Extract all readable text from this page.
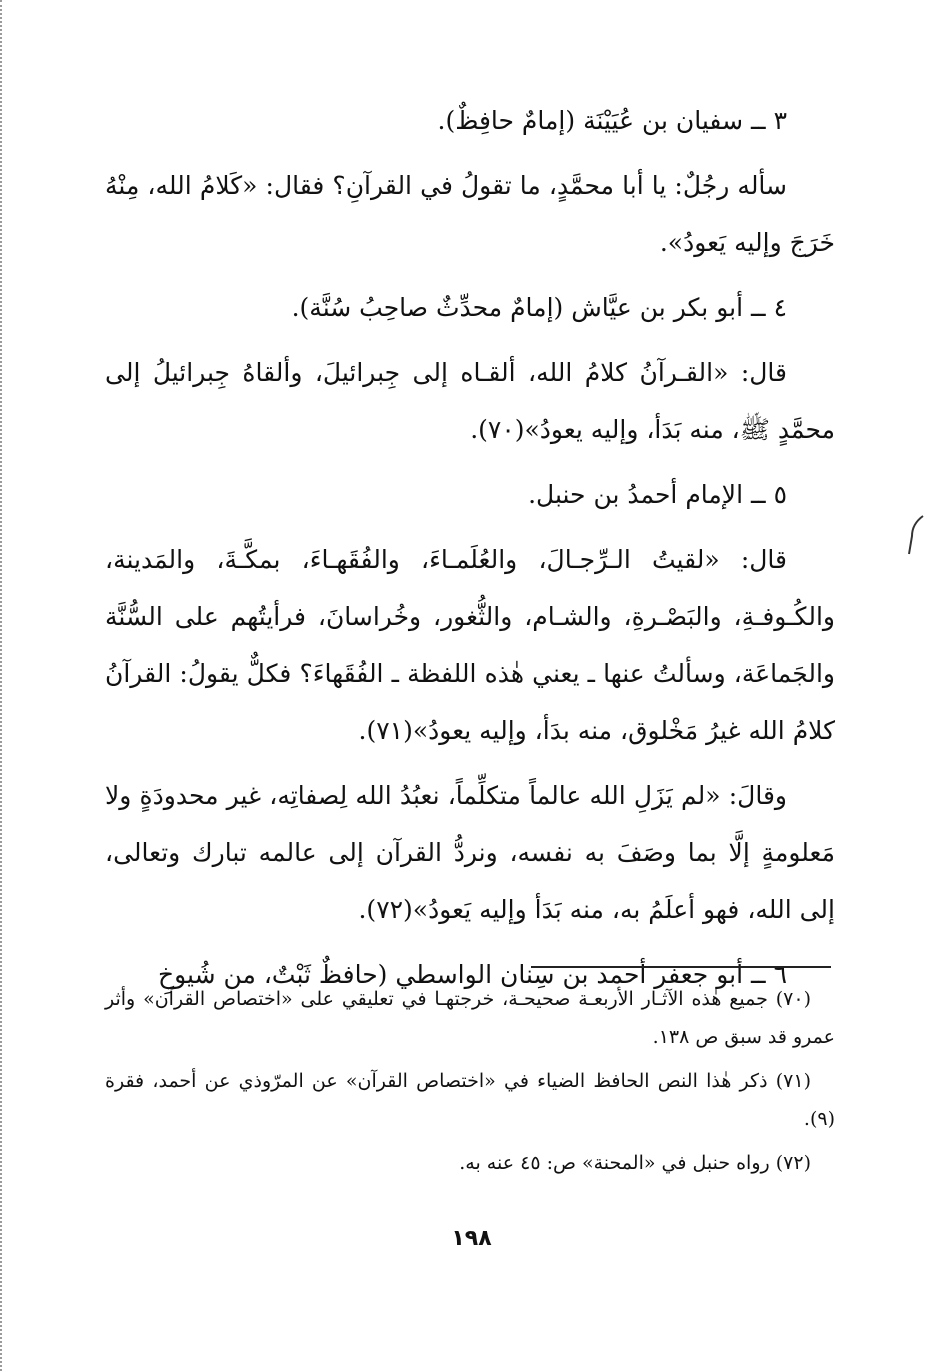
٣ ــ سفيان بن عُيَيْنَة (إمامٌ حافِظٌ).

سأله رجُلٌ: يا أبا محمَّدٍ، ما تقولُ في القرآنِ؟ فقال: «كَلامُ الله، مِنْهُ خَرَجَ وإليه يَعودُ».

٤ ــ أبو بكر بن عيَّاش (إمامٌ محدِّثٌ صاحِبُ سُنَّة).

قال: «القـرآنُ كلامُ الله، ألقـاه إلى جِبرائيلَ، وألقاهُ جِبرائيلُ إلى محمَّدٍ ﷺ، منه بَدَأ، وإليه يعودُ»(٧٠).

٥ ــ الإمام أحمدُ بن حنبل.

قال: «لقيتُ الـرِّجـالَ، والعُلَمـاءَ، والفُقَهـاءَ، بمكَّـةَ، والمَدينة، والكُـوفـةِ، والبَصْـرةِ، والشـام، والثُّغور، وخُراسانَ، فرأيتُهم على السُّنَّة والجَماعَة، وسألتُ عنها ـ يعني هٰذه اللفظة ـ الفُقَهاءَ؟ فكلٌّ يقولُ: القرآنُ كلامُ الله غيرُ مَخْلوق، منه بدَأ، وإليه يعودُ»(٧١).

وقالَ: «لم يَزَلِ الله عالماً متكلِّماً، نعبُدُ الله لِصفاتِه، غير محدودَةٍ ولا مَعلومةٍ إلَّا بما وصَفَ به نفسه، ونردُّ القرآن إلى عالمه تبارك وتعالى، إلى الله، فهو أعلَمُ به، منه بَدَأ وإليه يَعودُ»(٧٢).

٦ ــ أبو جعفر أحمد بن سِنان الواسطي (حافظٌ ثَبْتٌ، من شُيوخِ

(٧٠) جميع هٰذه الآثـار الأربعـة صحيحـة، خرجتهـا في تعليقي على «اختصاص القرآن» وأثر عمرو قد سبق ص ١٣٨.

(٧١) ذكر هٰذا النص الحافظ الضياء في «اختصاص القرآن» عن المرّوذي عن أحمد، فقرة (٩).

(٧٢) رواه حنبل في «المحنة» ص: ٤٥ عنه به.

١٩٨
